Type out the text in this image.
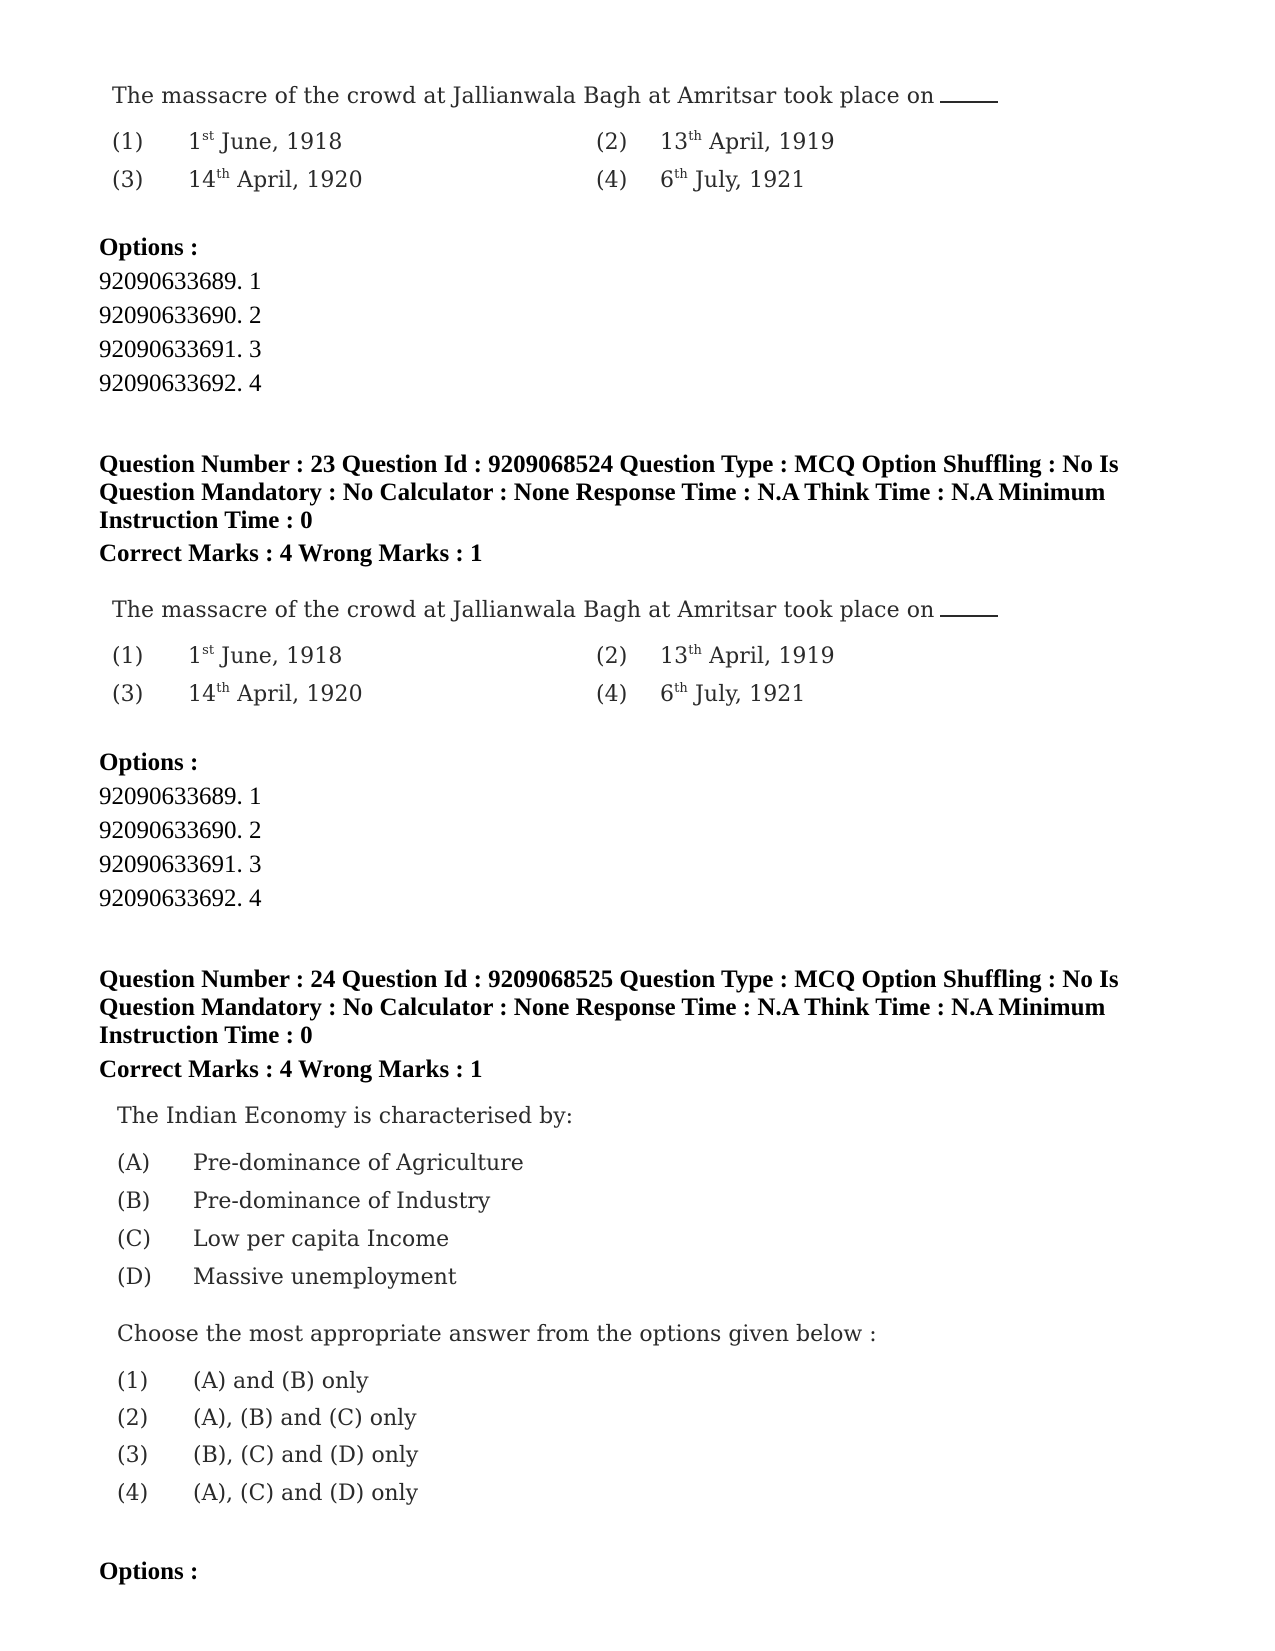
The massacre of the crowd at Jallianwala Bagh at Amritsar took place on
(1) 1st June, 1918	(2) 13th April, 1919
(3) 14th April, 1920	(4) 6th July, 1921
Options :
92090633689. 1
92090633690. 2
92090633691. 3
92090633692. 4
Question Number : 23 Question Id : 9209068524 Question Type : MCQ Option Shuffling : No Is
Question Mandatory : No Calculator : None Response Time : N.A Think Time : N.A Minimum
Instruction Time : 0
Correct Marks : 4 Wrong Marks : 1
The massacre of the crowd at Jallianwala Bagh at Amritsar took place on
(1) 1st June, 1918	(2) 13th April, 1919
(3) 14th April, 1920	(4) 6th July, 1921
Options :
92090633689. 1
92090633690. 2
92090633691. 3
92090633692. 4
Question Number : 24 Question Id : 9209068525 Question Type : MCQ Option Shuffling : No Is
Question Mandatory : No Calculator : None Response Time : N.A Think Time : N.A Minimum
Instruction Time : 0
Correct Marks : 4 Wrong Marks : 1
The Indian Economy is characterised by:
(A) Pre-dominance of Agriculture
(B) Pre-dominance of Industry
(C) Low per capita Income
(D) Massive unemployment
Choose the most appropriate answer from the options given below :
(1) (A) and (B) only
(2) (A), (B) and (C) only
(3) (B), (C) and (D) only
(4) (A), (C) and (D) only
Options :
